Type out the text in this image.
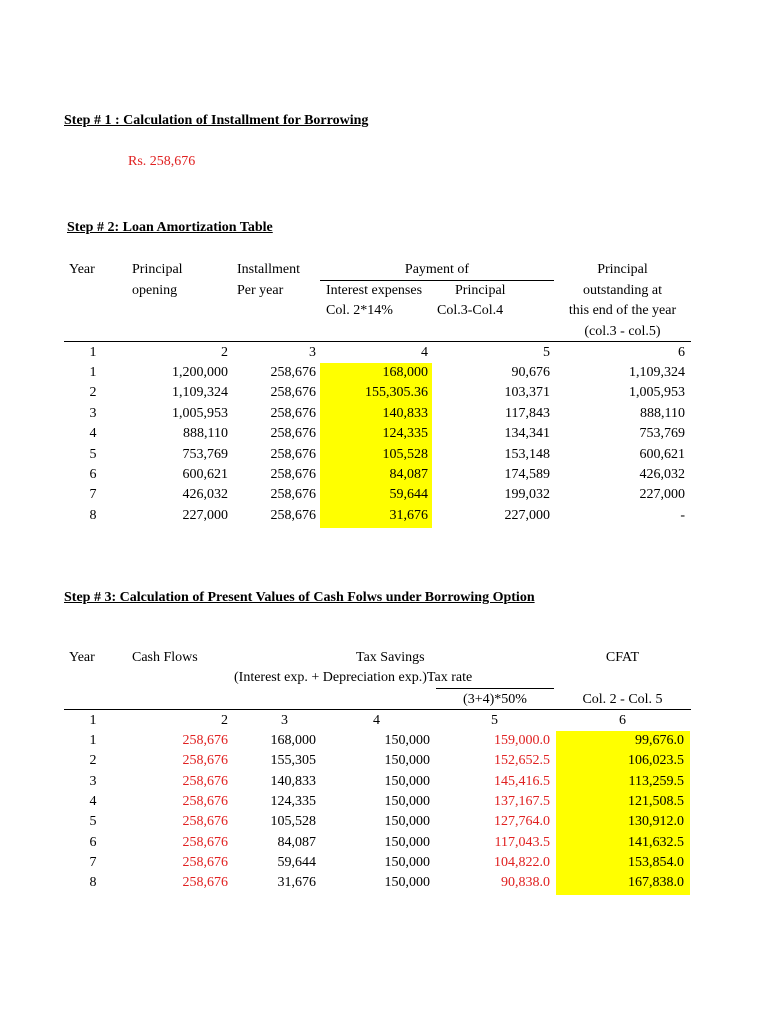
Step # 1 : Calculation of Installment for Borrowing
Rs. 258,676
Step # 2: Loan Amortization Table
Year	Principal
opening
Installment
Per year
Payment of
Interest expenses
Col. 2*14%
Principal
Col.3-Col.4
Principal
outstanding at
this end of the year
(col.3 - col.5)
1	2	3	4	5	6
1	1,200,000	258,676	168,000	90,676	1,109,324
2	1,109,324	258,676	155,305.36	103,371	1,005,953
3	1,005,953	258,676	140,833	117,843	888,110
4	888,110	258,676	124,335	134,341	753,769
5	753,769	258,676	105,528	153,148	600,621
6	600,621	258,676	84,087	174,589	426,032
7	426,032	258,676	59,644	199,032	227,000
8	227,000	258,676	31,676	227,000	-
Step # 3: Calculation of Present Values of Cash Folws under Borrowing Option
Year	Cash Flows	Tax Savings
(Interest exp. + Depreciation exp.)Tax rate
(3+4)*50%
CFAT
Col. 2 - Col. 5
1	2	3	4	5	6
1	258,676	168,000	150,000	159,000.0	99,676.0
2	258,676	155,305	150,000	152,652.5	106,023.5
3	258,676	140,833	150,000	145,416.5	113,259.5
4	258,676	124,335	150,000	137,167.5	121,508.5
5	258,676	105,528	150,000	127,764.0	130,912.0
6	258,676	84,087	150,000	117,043.5	141,632.5
7	258,676	59,644	150,000	104,822.0	153,854.0
8	258,676	31,676	150,000	90,838.0	167,838.0
